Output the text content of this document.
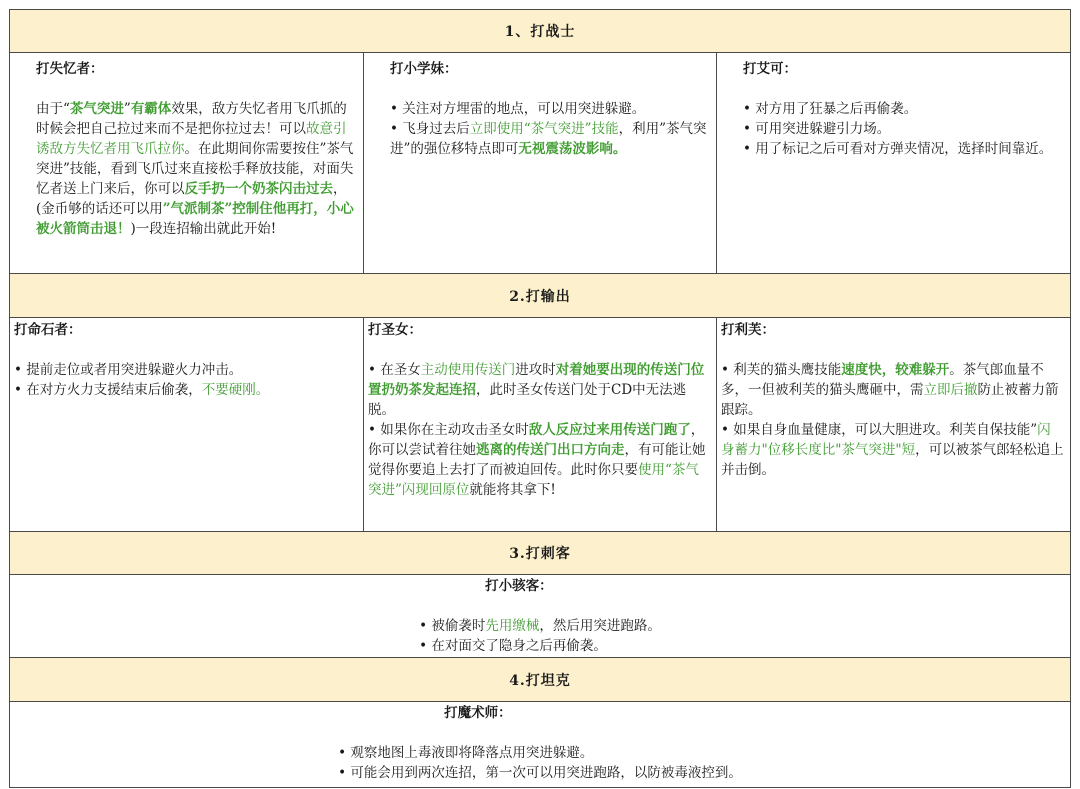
1、打战士
打失忆者：

由于“茶气突进”有霸体效果，敌方失忆者用飞爪抓的时候会把自己拉过来而不是把你拉过去！可以故意引诱敌方失忆者用飞爪拉你。在此期间你需要按住”茶气突进”技能，看到飞爪过来直接松手释放技能，对面失忆者送上门来后，你可以反手扔一个奶茶闪击过去，(金币够的话还可以用”气派制茶”控制住他再打，小心被火箭筒击退！)一段连招输出就此开始!

打小学妹：

• 关注对方埋雷的地点，可以用突进躲避。

• 飞身过去后立即使用“茶气突进”技能，利用”茶气突进”的强位移特点即可无视震荡波影响。

打艾可：

• 对方用了狂暴之后再偷袭。

• 可用突进躲避引力场。

• 用了标记之后可看对方弹夹情况，选择时间靠近。

2.打输出
打命石者：

• 提前走位或者用突进躲避火力冲击。

• 在对方火力支援结束后偷袭，不要硬刚。

打圣女：

• 在圣女主动使用传送门进攻时对着她要出现的传送门位置扔奶茶发起连招，此时圣女传送门处于CD中无法逃脱。

• 如果你在主动攻击圣女时敌人反应过来用传送门跑了，你可以尝试着往她逃离的传送门出口方向走，有可能让她觉得你要追上去打了而被迫回传。此时你只要使用“茶气突进”闪现回原位就能将其拿下!

打利芙：

• 利芙的猫头鹰技能速度快，较难躲开。茶气郎血量不多，一但被利芙的猫头鹰砸中，需立即后撤防止被蓄力箭跟踪。

• 如果自身血量健康，可以大胆进攻。利芙自保技能”闪身蓄力"位移长度比"茶气突进"短，可以被茶气郎轻松追上并击倒。

3.打刺客
打小骇客：

• 被偷袭时先用缴械，然后用突进跑路。

• 在对面交了隐身之后再偷袭。

4.打坦克
打魔术师：

• 观察地图上毒液即将降落点用突进躲避。

• 可能会用到两次连招，第一次可以用突进跑路，以防被毒液控到。
